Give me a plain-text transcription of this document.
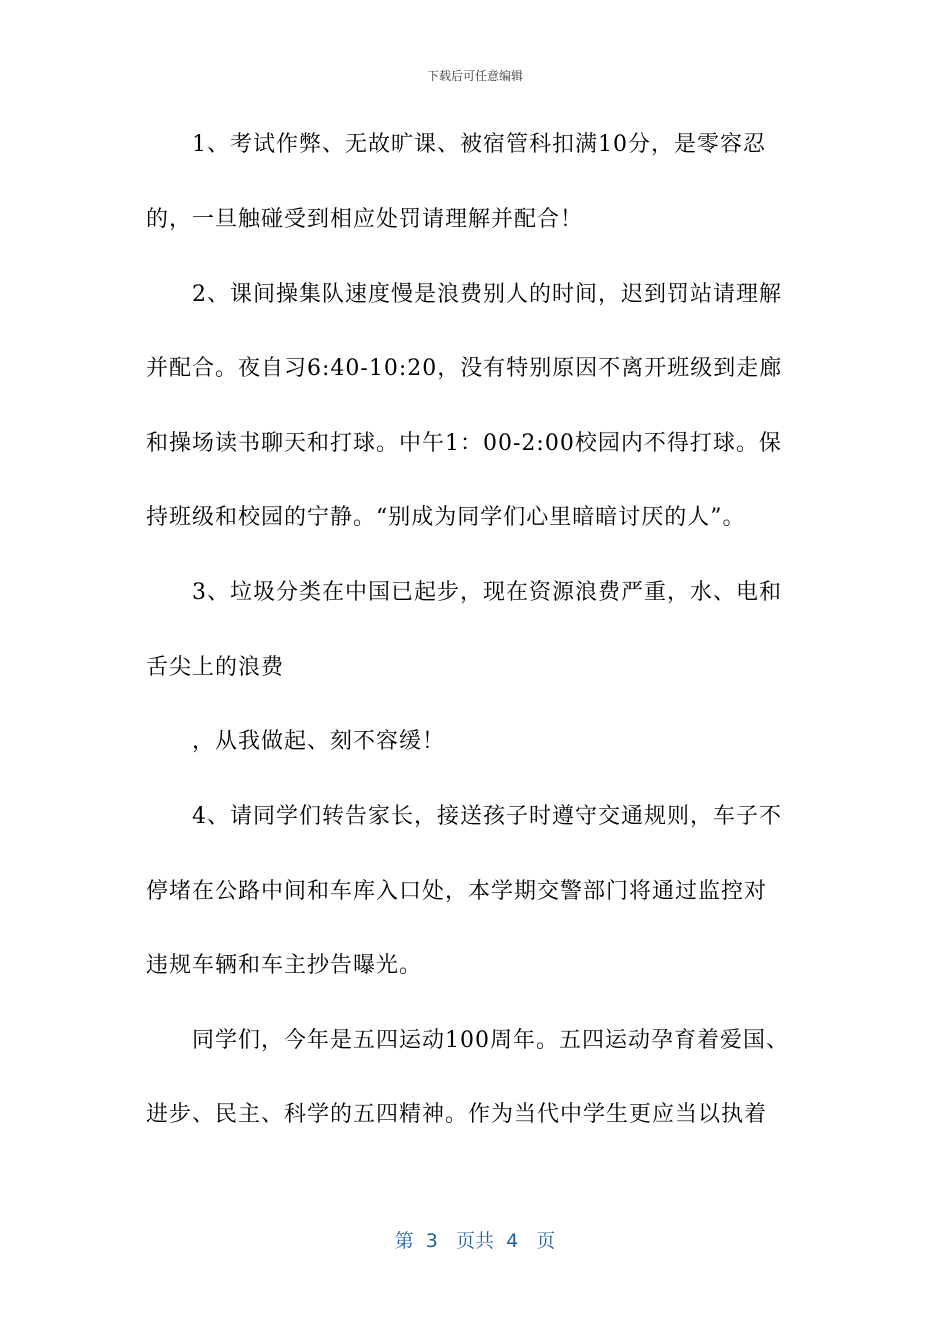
下载后可任意编辑
1、考试作弊、无故旷课、被宿管科扣满10分，是零容忍
的，一旦触碰受到相应处罚请理解并配合！
2、课间操集队速度慢是浪费别人的时间，迟到罚站请理解
并配合。夜自习6:40-10:20，没有特别原因不离开班级到走廊
和操场读书聊天和打球。中午1：00-2:00校园内不得打球。保
持班级和校园的宁静。“别成为同学们心里暗暗讨厌的人”。
3、垃圾分类在中国已起步，现在资源浪费严重，水、电和
舌尖上的浪费
，从我做起、刻不容缓！
4、请同学们转告家长，接送孩子时遵守交通规则，车子不
停堵在公路中间和车库入口处，本学期交警部门将通过监控对
违规车辆和车主抄告曝光。
同学们，今年是五四运动100周年。五四运动孕育着爱国、
进步、民主、科学的五四精神。作为当代中学生更应当以执着
第  3   页共  4   页
